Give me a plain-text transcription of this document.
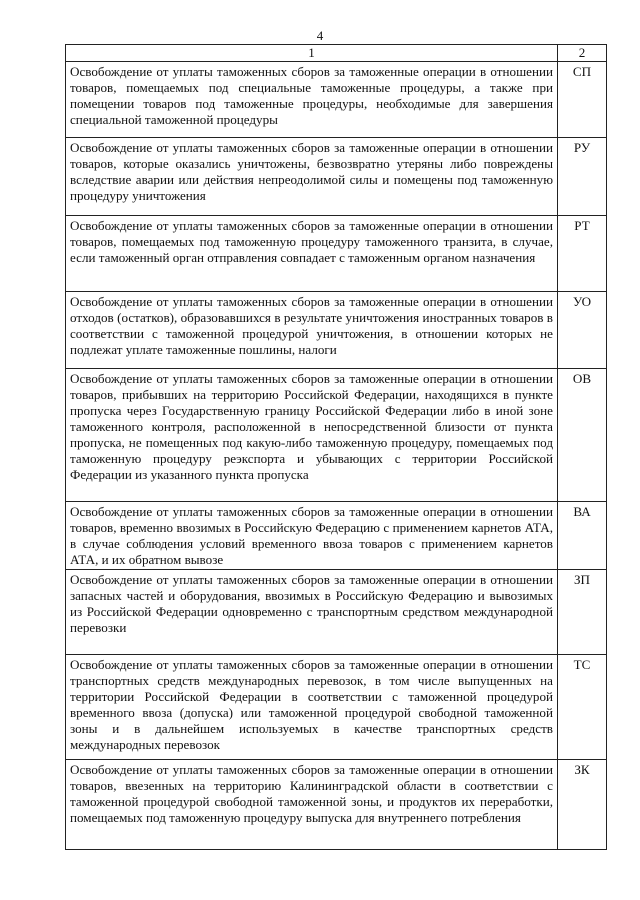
4
1	2
Освобождение от уплаты таможенных сборов за таможенные операции в отношении товаров, помещаемых под специальные таможенные процедуры, а также при помещении товаров под таможенные процедуры, необходимые для завершения специальной таможенной процедуры	СП
Освобождение от уплаты таможенных сборов за таможенные операции в отношении товаров, которые оказались уничтожены, безвозвратно утеряны либо повреждены вследствие аварии или действия непреодолимой силы и помещены под таможенную процедуру уничтожения	РУ
Освобождение от уплаты таможенных сборов за таможенные операции в отношении товаров, помещаемых под таможенную процедуру таможенного транзита, в случае, если таможенный орган отправления совпадает с таможенным органом назначения	РТ
Освобождение от уплаты таможенных сборов за таможенные операции в отношении отходов (остатков), образовавшихся в результате уничтожения иностранных товаров в соответствии с таможенной процедурой уничтожения, в отношении которых не подлежат уплате таможенные пошлины, налоги	УО
Освобождение от уплаты таможенных сборов за таможенные операции в отношении товаров, прибывших на территорию Российской Федерации, находящихся в пункте пропуска через Государственную границу Российской Федерации либо в иной зоне таможенного контроля, расположенной в непосредственной близости от пункта пропуска, не помещенных под какую-либо таможенную процедуру, помещаемых под таможенную процедуру реэкспорта и убывающих с территории Российской Федерации из указанного пункта пропуска	ОВ
Освобождение от уплаты таможенных сборов за таможенные операции в отношении товаров, временно ввозимых в Российскую Федерацию с применением карнетов АТА, в случае соблюдения условий временного ввоза товаров с применением карнетов АТА, и их обратном вывозе	ВА
Освобождение от уплаты таможенных сборов за таможенные операции в отношении запасных частей и оборудования, ввозимых в Российскую Федерацию и вывозимых из Российской Федерации одновременно с транспортным средством международной перевозки	ЗП
Освобождение от уплаты таможенных сборов за таможенные операции в отношении транспортных средств международных перевозок, в том числе выпущенных на территории Российской Федерации в соответствии с таможенной процедурой временного ввоза (допуска) или таможенной процедурой свободной таможенной зоны и в дальнейшем используемых в качестве транспортных средств международных перевозок	ТС
Освобождение от уплаты таможенных сборов за таможенные операции в отношении товаров, ввезенных на территорию Калининградской области в соответствии с таможенной процедурой свободной таможенной зоны, и продуктов их переработки, помещаемых под таможенную процедуру выпуска для внутреннего потребления	ЗК
